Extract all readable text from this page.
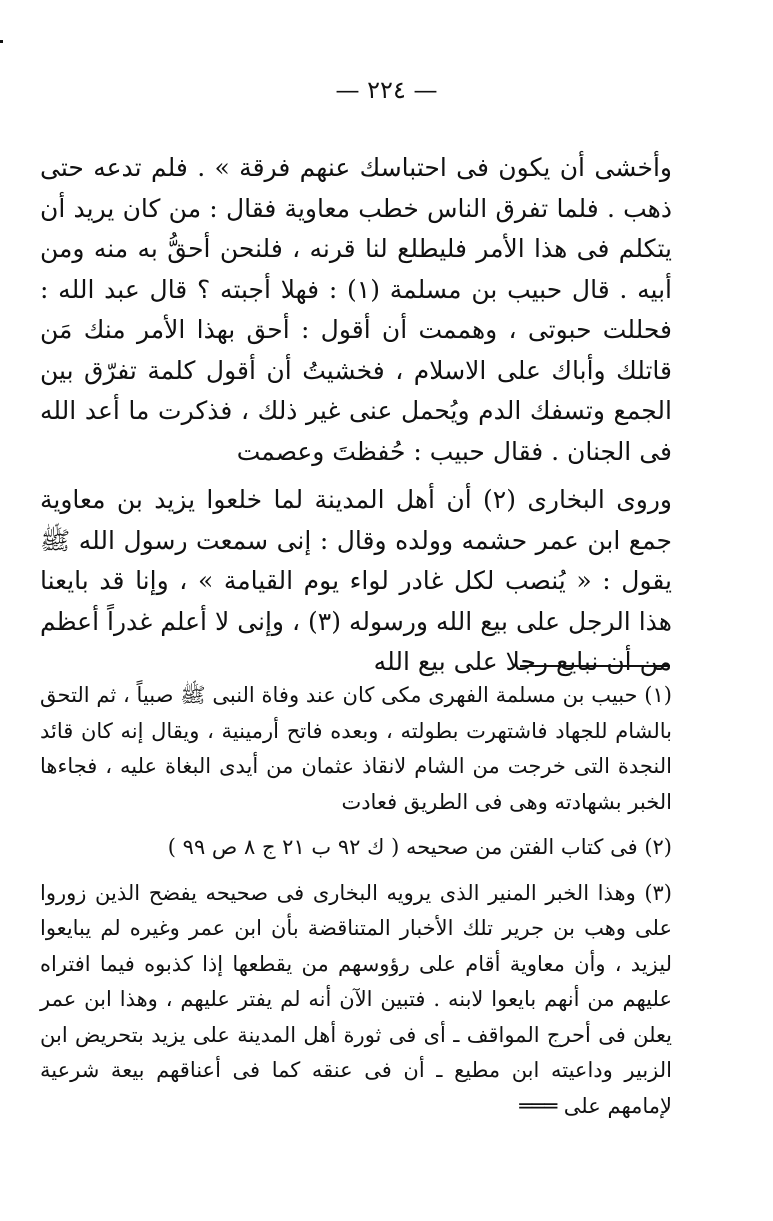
— ٢٢٤ —

وأخشى أن يكون فى احتباسك عنهم فرقة » . فلم تدعه حتى ذهب . فلما تفرق الناس خطب معاوية فقال : من كان يريد أن يتكلم فى هذا الأمر فليطلع لنا قرنه ، فلنحن أحقُّ به منه ومن أبيه . قال حبيب بن مسلمة (١) : فهلا أجبته ؟ قال عبد الله : فحللت حبوتى ، وهممت أن أقول : أحق بهذا الأمر منك مَن قاتلك وأباك على الاسلام ، فخشيتُ أن أقول كلمة تفرّق بين الجمع وتسفك الدم ويُحمل عنى غير ذلك ، فذكرت ما أعد الله فى الجنان . فقال حبيب : حُفظتَ وعصمت

وروى البخارى (٢) أن أهل المدينة لما خلعوا يزيد بن معاوية جمع ابن عمر حشمه وولده وقال : إنى سمعت رسول الله ﷺ يقول : « يُنصب لكل غادر لواء يوم القيامة » ، وإنا قد بايعنا هذا الرجل على بيع الله ورسوله (٣) ، وإنى لا أعلم غدراً أعظم من أن نبايع رجلا على بيع الله

(١) حبيب بن مسلمة الفهرى مكى كان عند وفاة النبى ﷺ صبياً ، ثم التحق بالشام للجهاد فاشتهرت بطولته ، وبعده فاتح أرمينية ، ويقال إنه كان قائد النجدة التى خرجت من الشام لانقاذ عثمان من أيدى البغاة عليه ، فجاءها الخبر بشهادته وهى فى الطريق فعادت

(٢) فى كتاب الفتن من صحيحه ( ك ٩٢ ب ٢١ ج ٨ ص ٩٩ )

(٣) وهذا الخبر المنير الذى يرويه البخارى فى صحيحه يفضح الذين زوروا على وهب بن جرير تلك الأخبار المتناقضة بأن ابن عمر وغيره لم يبايعوا ليزيد ، وأن معاوية أقام على رؤوسهم من يقطعها إذا كذبوه فيما افتراه عليهم من أنهم بايعوا لابنه . فتبين الآن أنه لم يفتر عليهم ، وهذا ابن عمر يعلن فى أحرج المواقف ـ أى فى ثورة أهل المدينة على يزيد بتحريض ابن الزبير وداعيته ابن مطيع ـ أن فى عنقه كما فى أعناقهم بيعة شرعية لإمامهم على ═══
